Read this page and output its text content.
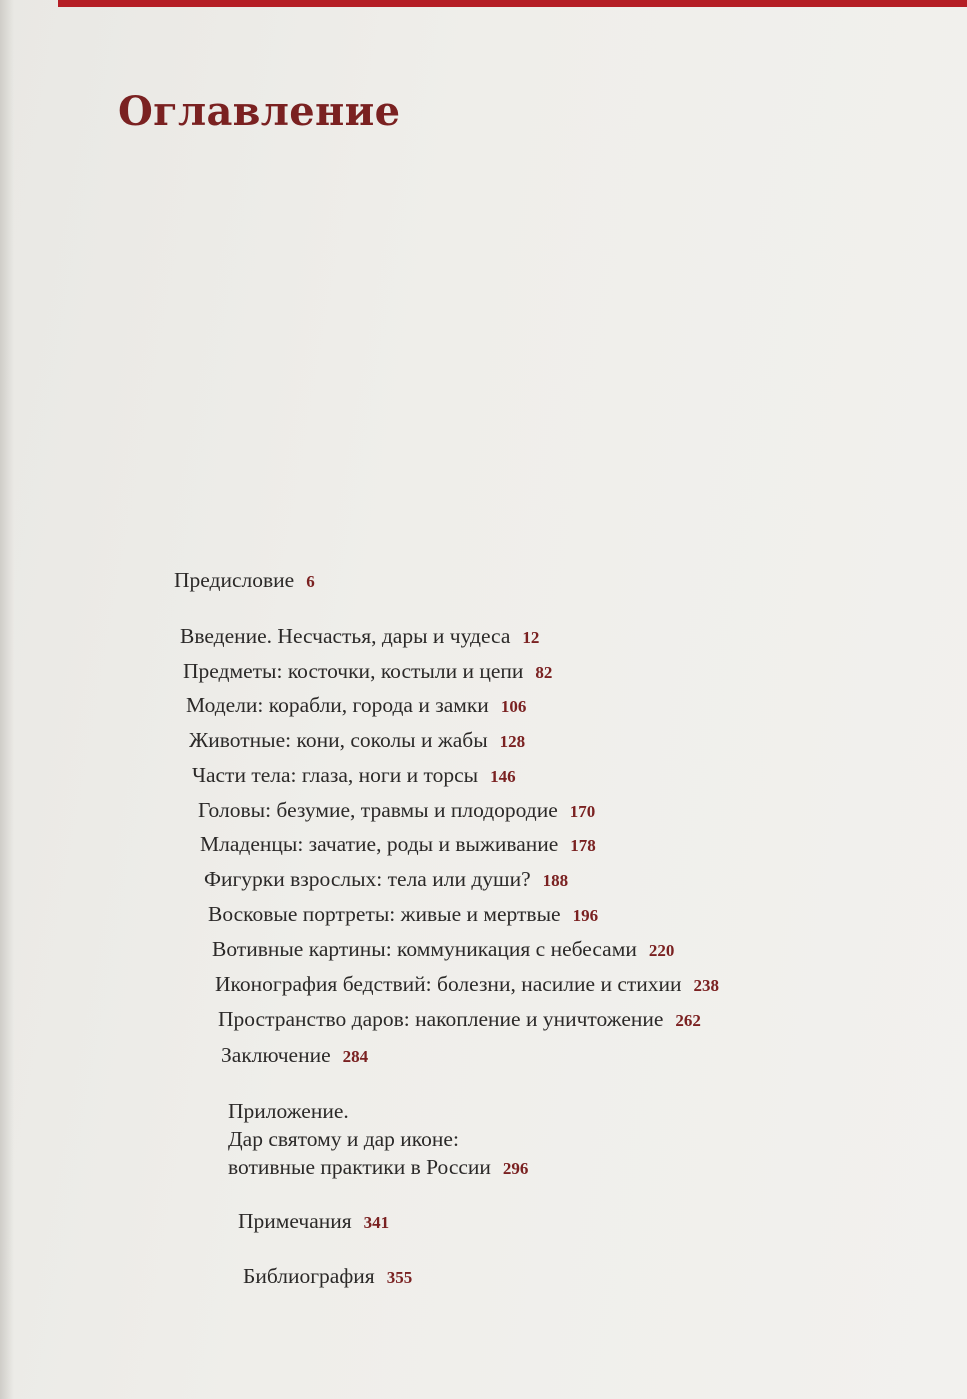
Оглавление
Предисловие 6
Введение. Несчастья, дары и чудеса 12
Предметы: косточки, костыли и цепи 82
Модели: корабли, города и замки 106
Животные: кони, соколы и жабы 128
Части тела: глаза, ноги и торсы 146
Головы: безумие, травмы и плодородие 170
Младенцы: зачатие, роды и выживание 178
Фигурки взрослых: тела или души? 188
Восковые портреты: живые и мертвые 196
Вотивные картины: коммуникация с небесами 220
Иконография бедствий: болезни, насилие и стихии 238
Пространство даров: накопление и уничтожение 262
Заключение 284
Приложение.
Дар святому и дар иконе:
вотивные практики в России 296
Примечания 341
Библиография 355
